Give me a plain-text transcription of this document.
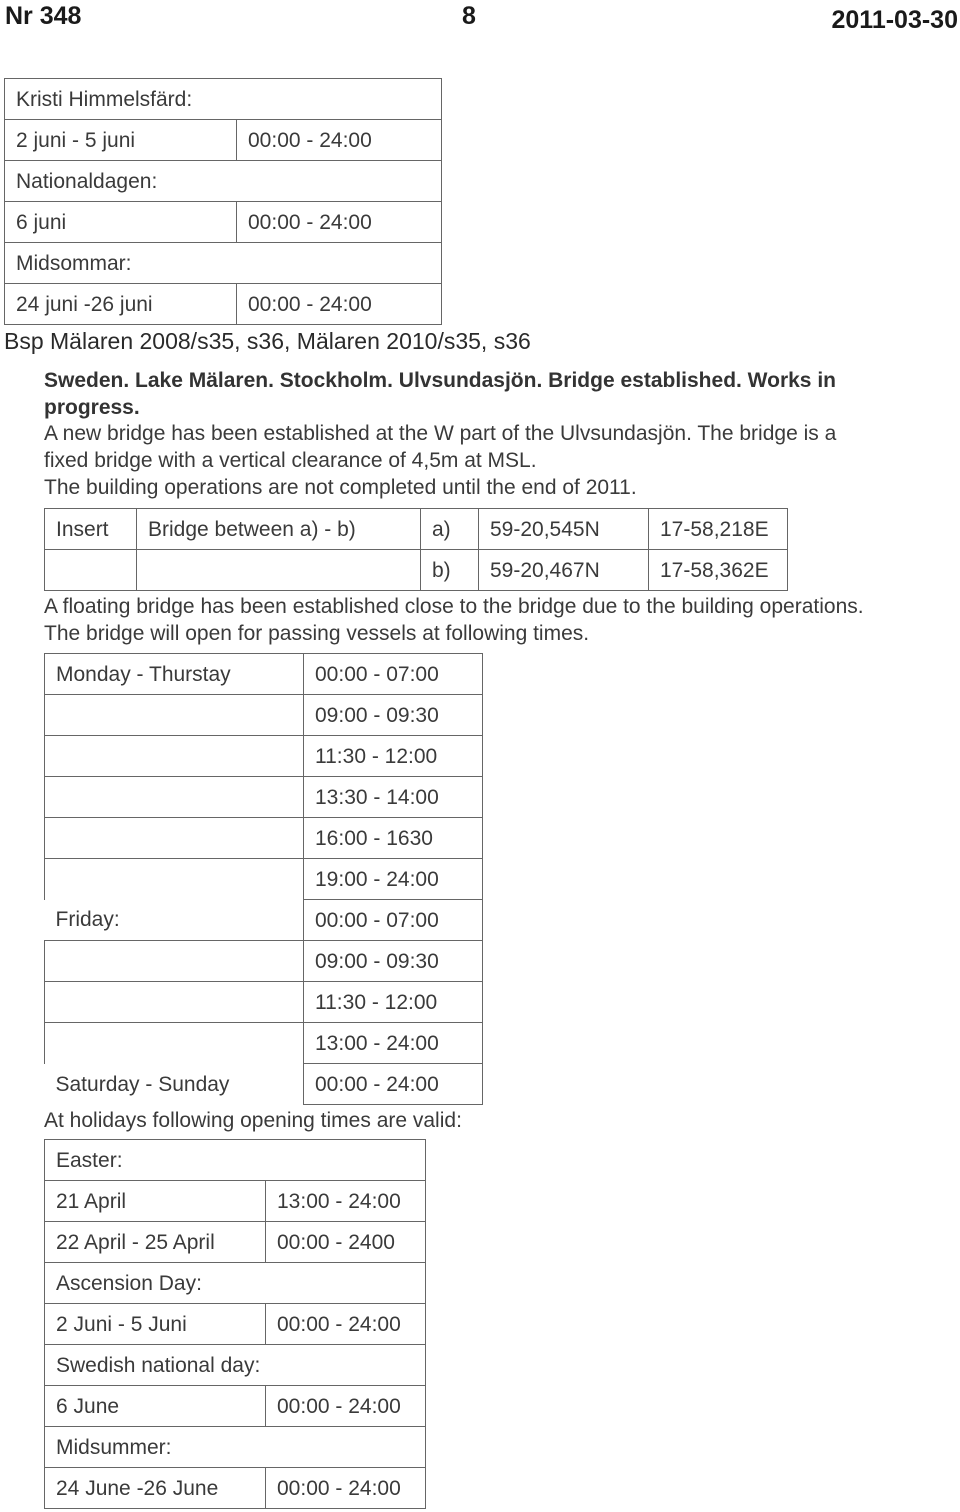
Nr 348	8	2011-03-30
Kristi Himmelsfärd:	
2 juni - 5 juni	00:00 - 24:00
Nationaldagen:	
6 juni	00:00 - 24:00
Midsommar:	
24 juni -26 juni	00:00 - 24:00
Bsp Mälaren 2008/s35, s36, Mälaren 2010/s35, s36
Sweden. Lake Mälaren. Stockholm. Ulvsundasjön. Bridge established. Works in
progress.
A new bridge has been established at the W part of the Ulvsundasjön. The bridge is a
fixed bridge with a vertical clearance of 4,5m at MSL.
The building operations are not completed until the end of 2011.
Insert	Bridge between a) - b)	a)	59-20,545N	17-58,218E
		b)	59-20,467N	17-58,362E
A floating bridge has been established close to the bridge due to the building operations.
The bridge will open for passing vessels at following times.
Monday - Thurstay	00:00 - 07:00
	09:00 - 09:30
	11:30 - 12:00
	13:30 - 14:00
	16:00 - 1630
	19:00 - 24:00
Friday:	00:00 - 07:00
	09:00 - 09:30
	11:30 - 12:00
	13:00 - 24:00
Saturday - Sunday	00:00 - 24:00
At holidays following opening times are valid:
Easter:	
21 April	13:00 - 24:00
22 April - 25 April	00:00 - 2400
Ascension Day:	
2 Juni - 5 Juni	00:00 - 24:00
Swedish national day:	
6 June	00:00 - 24:00
Midsummer:	
24 June -26 June	00:00 - 24:00
